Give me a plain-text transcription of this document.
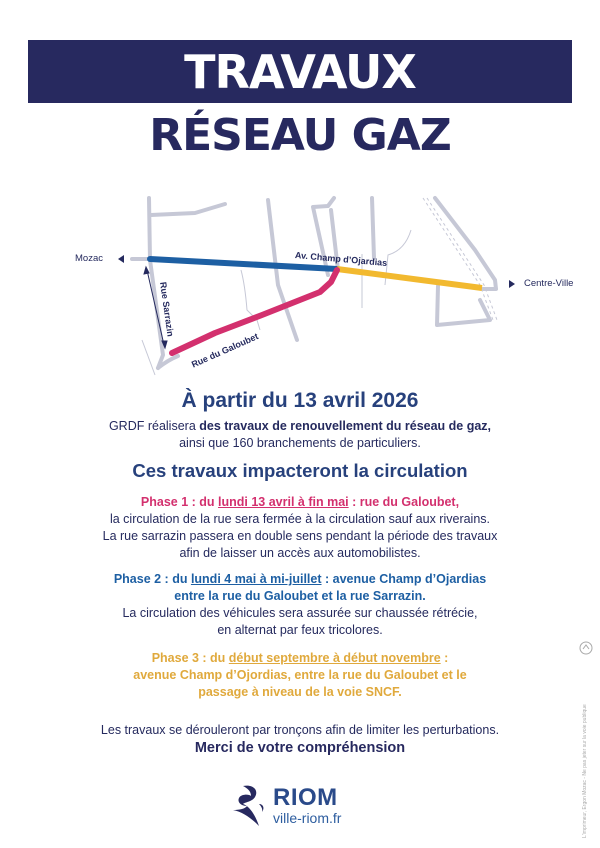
TRAVAUX
RÉSEAU GAZ
Mozac
Centre-Ville
Av. Champ d’Ojardias
Rue Sarrazin
Rue du Galoubet
À partir du 13 avril 2026
GRDF réalisera des travaux de renouvellement du réseau de gaz,
ainsi que 160 branchements de particuliers.
Ces travaux impacteront la circulation
Phase 1 : du lundi 13 avril à fin mai : rue du Galoubet,
la circulation de la rue sera fermée à la circulation sauf aux riverains.
La rue sarrazin passera en double sens pendant la période des travaux
afin de laisser un accès aux automobilistes.
Phase 2 : du lundi 4 mai à mi-juillet : avenue Champ d’Ojardias
entre la rue du Galoubet et la rue Sarrazin.
La circulation des véhicules sera assurée sur chaussée rétrécie,
en alternat par feux tricolores.
Phase 3 : du début septembre à début novembre :
avenue Champ d’Ojordias, entre la rue du Galoubet et le
passage à niveau de la voie SNCF.
Les travaux se dérouleront par tronçons afin de limiter les perturbations.
Merci de votre compréhension
RIOM
ville-riom.fr	L'imprimeur, Ergon Mozac - Ne pas jeter sur la voie publique
